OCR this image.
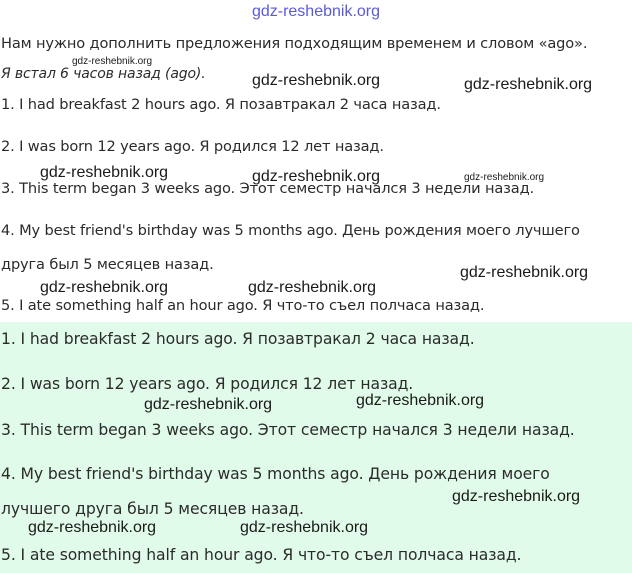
gdz-reshebnik.org
Нам нужно дополнить предложения подходящим временем и словом «ago».
Я встал 6 часов назад (ago).
1. I had breakfast 2 hours ago. Я позавтракал 2 часа назад.
2. I was born 12 years ago. Я родился 12 лет назад.
3. This term began 3 weeks ago. Этот семестр начался 3 недели назад.
4. My best friend's birthday was 5 months ago. День рождения моего лучшего
друга был 5 месяцев назад.
5. I ate something half an hour ago. Я что-то съел полчаса назад.
1. I had breakfast 2 hours ago. Я позавтракал 2 часа назад.
2. I was born 12 years ago. Я родился 12 лет назад.
3. This term began 3 weeks ago. Этот семестр начался 3 недели назад.
4. My best friend's birthday was 5 months ago. День рождения моего
лучшего друга был 5 месяцев назад.
5. I ate something half an hour ago. Я что-то съел полчаса назад.
gdz-reshebnik.org
gdz-reshebnik.org	gdz-reshebnik.org
gdz-reshebnik.org	gdz-reshebnik.org	gdz-reshebnik.org
gdz-reshebnik.org
gdz-reshebnik.org	gdz-reshebnik.org
gdz-reshebnik.org	gdz-reshebnik.org
gdz-reshebnik.org
gdz-reshebnik.org	gdz-reshebnik.org
